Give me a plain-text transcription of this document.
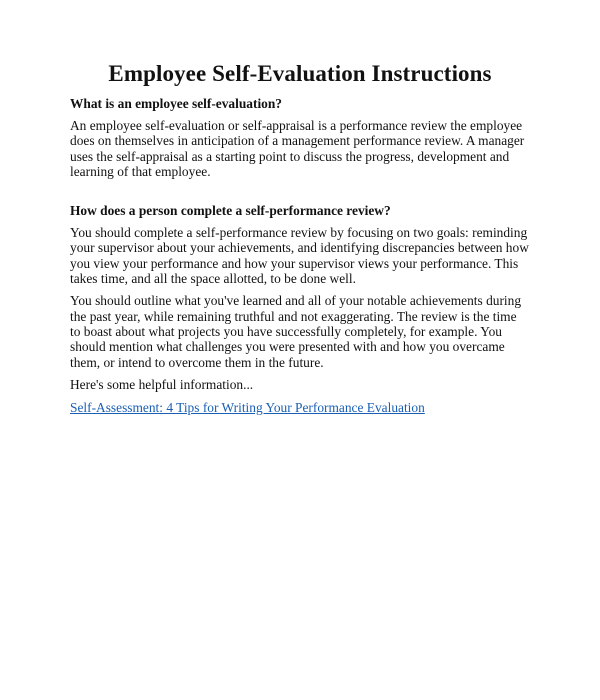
Employee Self-Evaluation Instructions
What is an employee self-evaluation?

An employee self-evaluation or self-appraisal is a performance review the employee does on themselves in anticipation of a management performance review. A manager uses the self-appraisal as a starting point to discuss the progress, development and learning of that employee.

How does a person complete a self-performance review?

You should complete a self-performance review by focusing on two goals: reminding your supervisor about your achievements, and identifying discrepancies between how you view your performance and how your supervisor views your performance. This takes time, and all the space allotted, to be done well.

You should outline what you've learned and all of your notable achievements during the past year, while remaining truthful and not exaggerating. The review is the time to boast about what projects you have successfully completely, for example. You should mention what challenges you were presented with and how you overcame them, or intend to overcome them in the future.

Here's some helpful information...

Self-Assessment: 4 Tips for Writing Your Performance Evaluation
